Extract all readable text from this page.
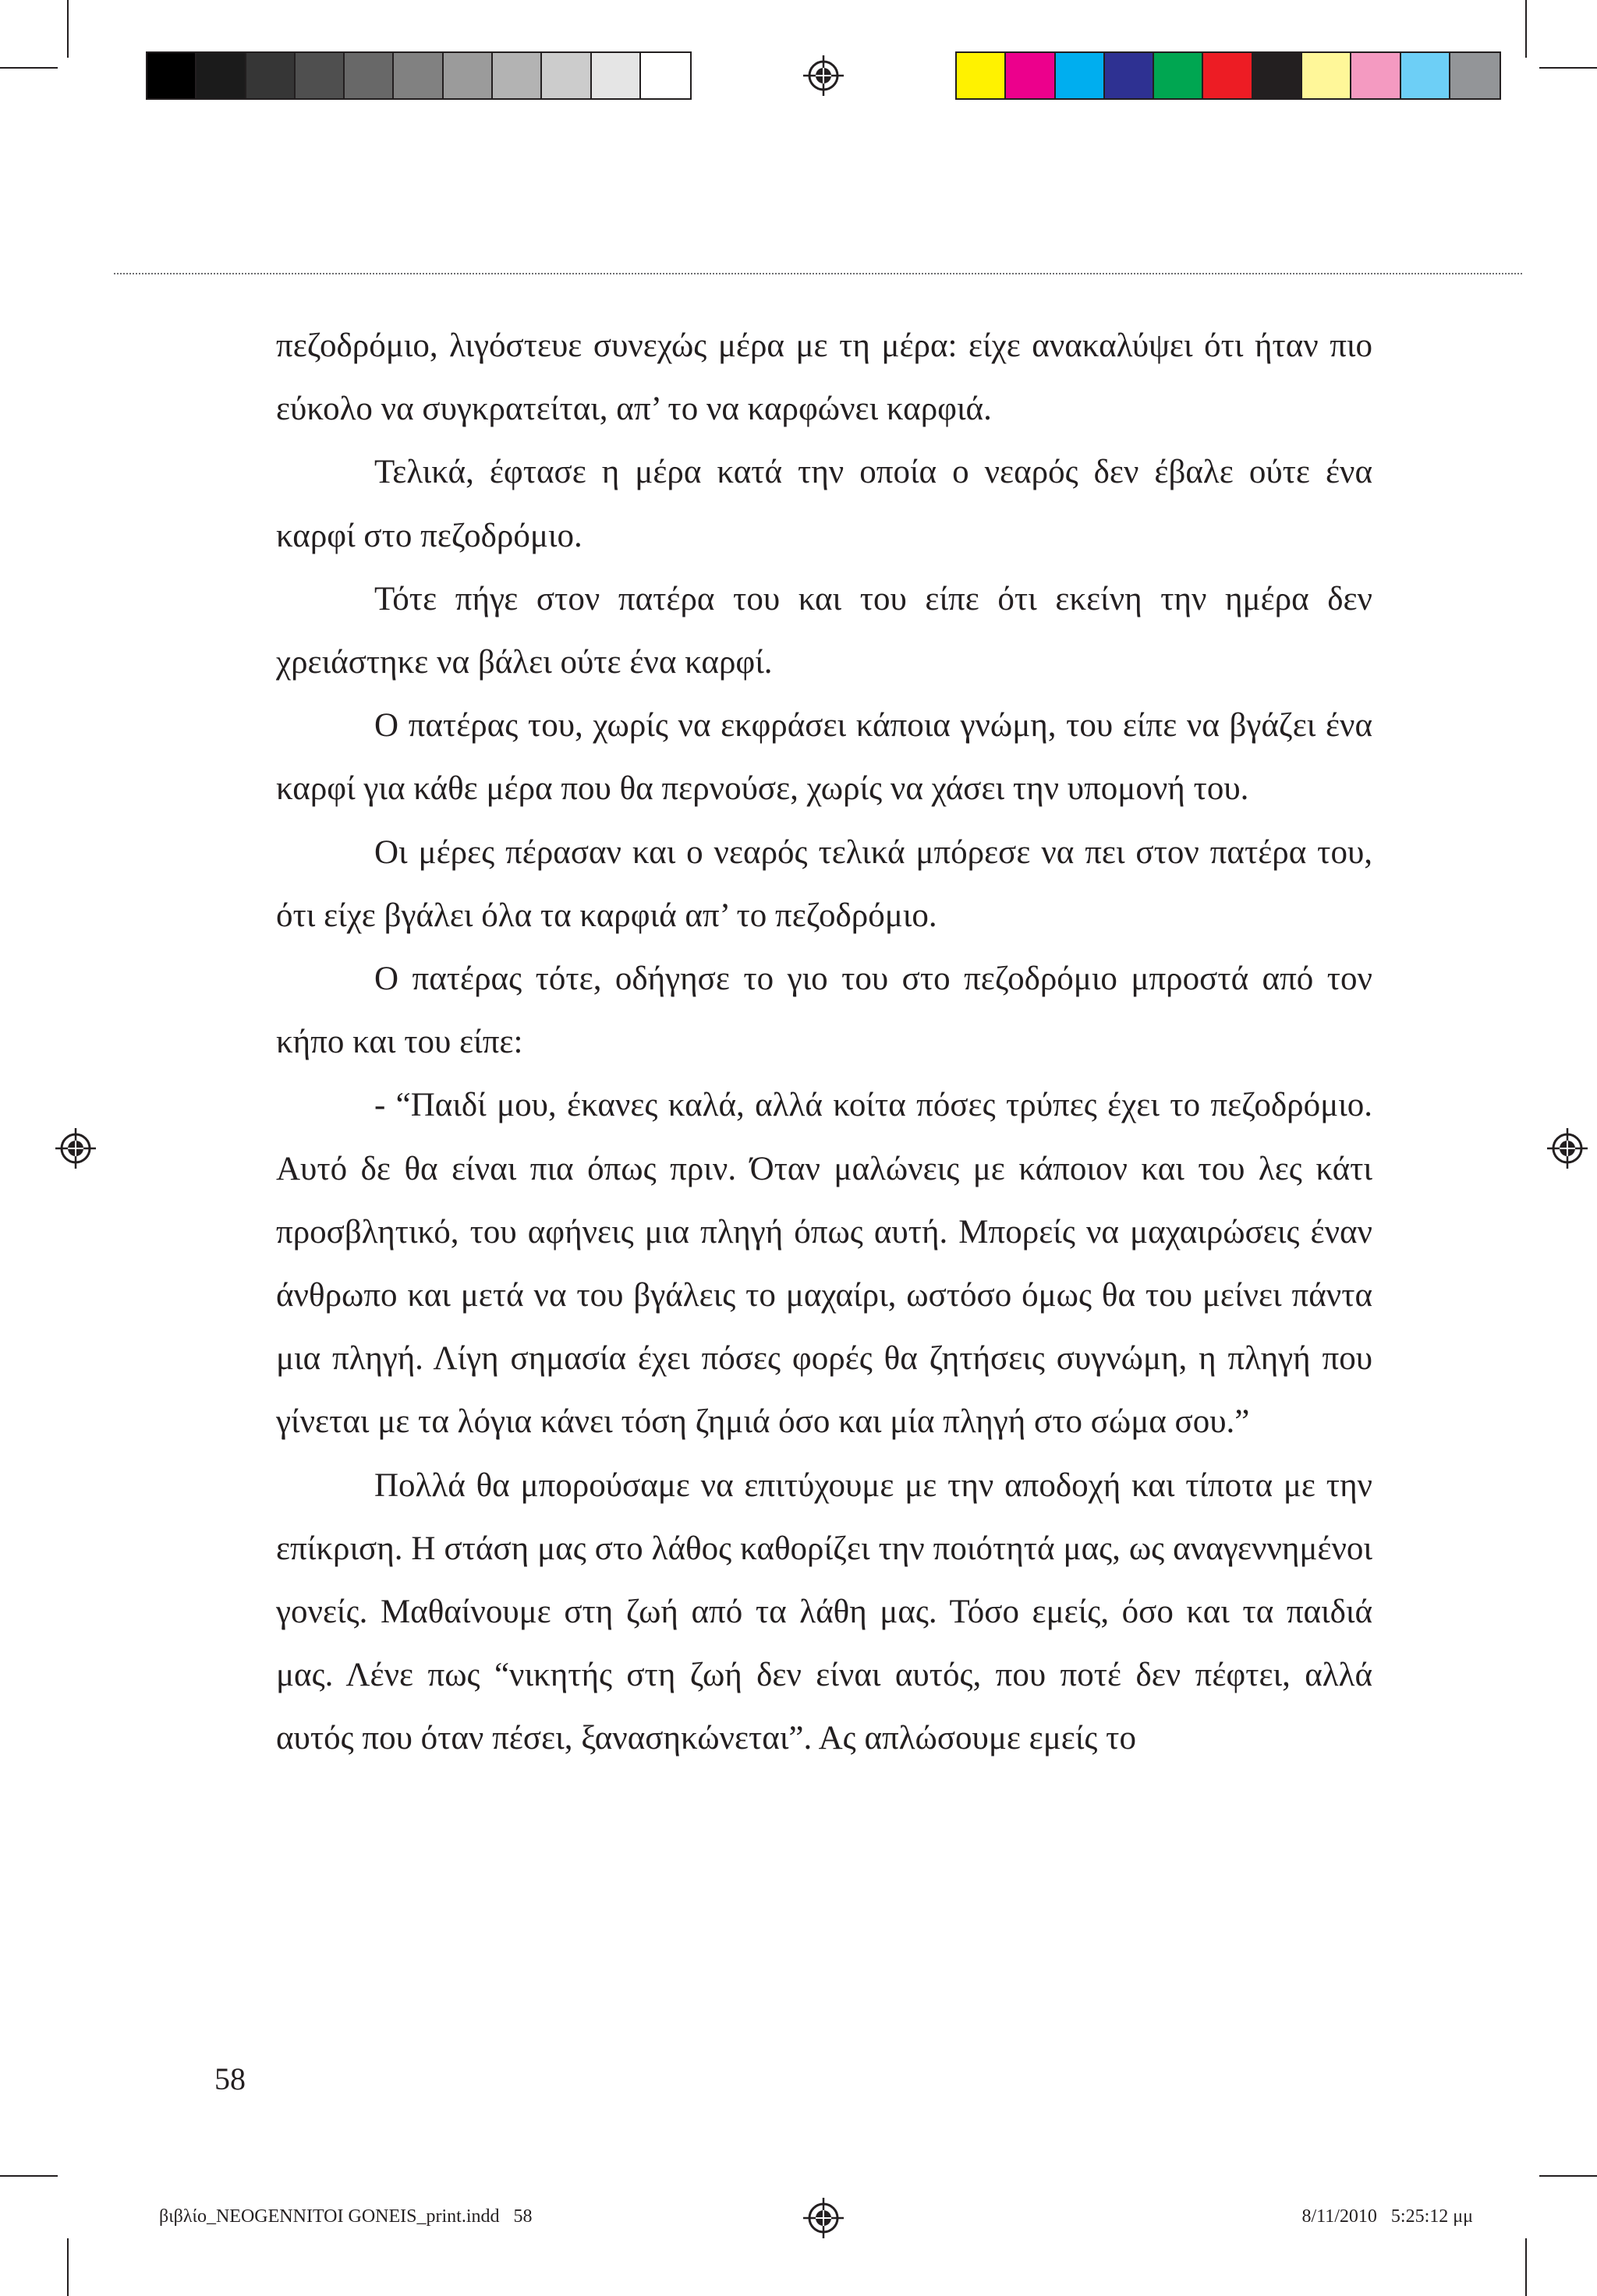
πεζοδρόμιο, λιγόστευε συνεχώς μέρα με τη μέρα: είχε ανακαλύψει ότι ήταν πιο εύκολο να συγκρατείται, απ’ το να καρφώνει καρφιά.

Τελικά, έφτασε η μέρα κατά την οποία ο νεαρός δεν έβαλε ούτε ένα καρφί στο πεζοδρόμιο.

Τότε πήγε στον πατέρα του και του είπε ότι εκείνη την ημέρα δεν χρειάστηκε να βάλει ούτε ένα καρφί.

Ο πατέρας του, χωρίς να εκφράσει κάποια γνώμη, του είπε να βγάζει ένα καρφί για κάθε μέρα που θα περνούσε, χωρίς να χάσει την υπομονή του.

Οι μέρες πέρασαν και ο νεαρός τελικά μπόρεσε να πει στον πατέρα του, ότι είχε βγάλει όλα τα καρφιά απ’ το πεζοδρόμιο.

Ο πατέρας τότε, οδήγησε το γιο του στο πεζοδρόμιο μπροστά από τον κήπο και του είπε:

- “Παιδί μου, έκανες καλά, αλλά κοίτα πόσες τρύπες έχει το πεζοδρόμιο. Αυτό δε θα είναι πια όπως πριν. Όταν μαλώνεις με κάποιον και του λες κάτι προσβλητικό, του αφήνεις μια πληγή όπως αυτή. Μπορείς να μαχαιρώσεις έναν άνθρωπο και μετά να του βγάλεις το μαχαίρι, ωστόσο όμως θα του μείνει πάντα μια πληγή. Λίγη σημασία έχει πόσες φορές θα ζητήσεις συγνώμη, η πληγή που γίνεται με τα λόγια κάνει τόση ζημιά όσο και μία πληγή στο σώμα σου.”

Πολλά θα μπορούσαμε να επιτύχουμε με την αποδοχή και τίποτα με την επίκριση. Η στάση μας στο λάθος καθορίζει την ποιότητά μας, ως αναγεννημένοι γονείς. Μαθαίνουμε στη ζωή από τα λάθη μας. Τόσο εμείς, όσο και τα παιδιά μας. Λένε πως “νικητής στη ζωή δεν είναι αυτός, που ποτέ δεν πέφτει, αλλά αυτός που όταν πέσει, ξανασηκώνεται”. Ας απλώσουμε εμείς το

58
βιβλίο_NEOGENNITOI GONEIS_print.indd   58	8/11/2010   5:25:12 μμ
